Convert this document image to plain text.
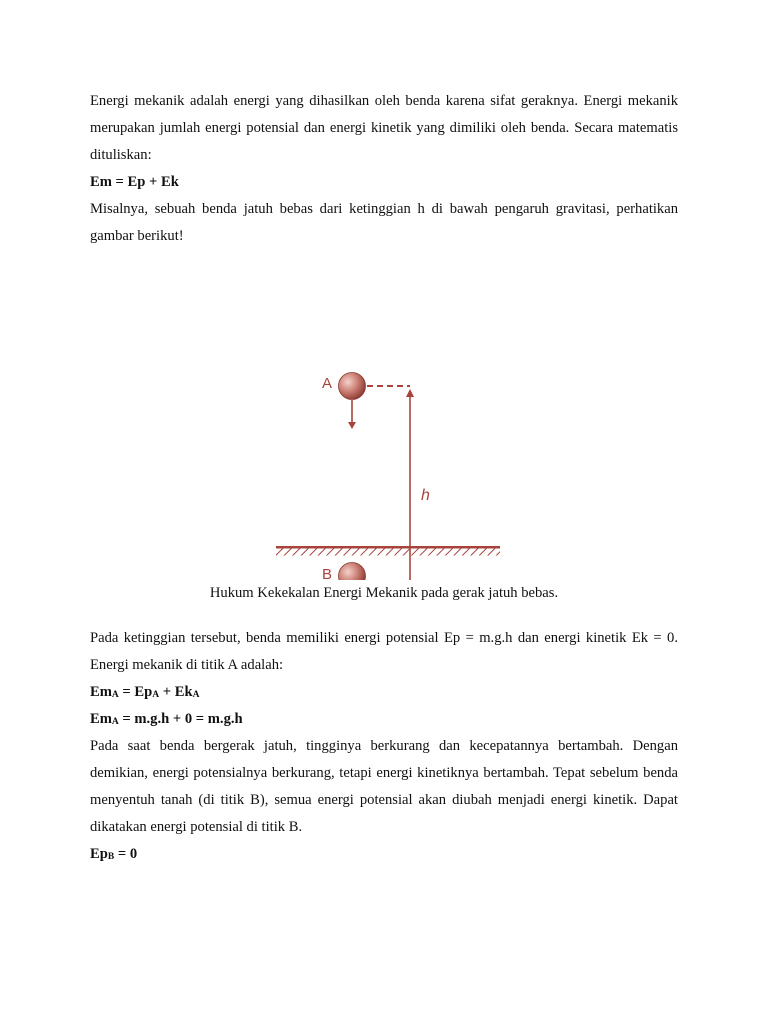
Energi mekanik adalah energi yang dihasilkan oleh benda karena sifat geraknya. Energi mekanik merupakan jumlah energi potensial dan energi kinetik yang dimiliki oleh benda. Secara matematis dituliskan:

Em = Ep + Ek

Misalnya, sebuah benda jatuh bebas dari ketinggian h di bawah pengaruh gravitasi, perhatikan gambar berikut!

A
h
B

Hukum Kekekalan Energi Mekanik pada gerak jatuh bebas.

Pada ketinggian tersebut, benda memiliki energi potensial Ep = m.g.h dan energi kinetik Ek = 0. Energi mekanik di titik A adalah:

$Em_A = Ep_A + Ek_A$

$Em_A = m.g.h + 0 = m.g.h$

Pada saat benda bergerak jatuh, tingginya berkurang dan kecepatannya bertambah. Dengan demikian, energi potensialnya berkurang, tetapi energi kinetiknya bertambah. Tepat sebelum benda menyentuh tanah (di titik B), semua energi potensial akan diubah menjadi energi kinetik. Dapat dikatakan energi potensial di titik B.

$Ep_B = 0$
